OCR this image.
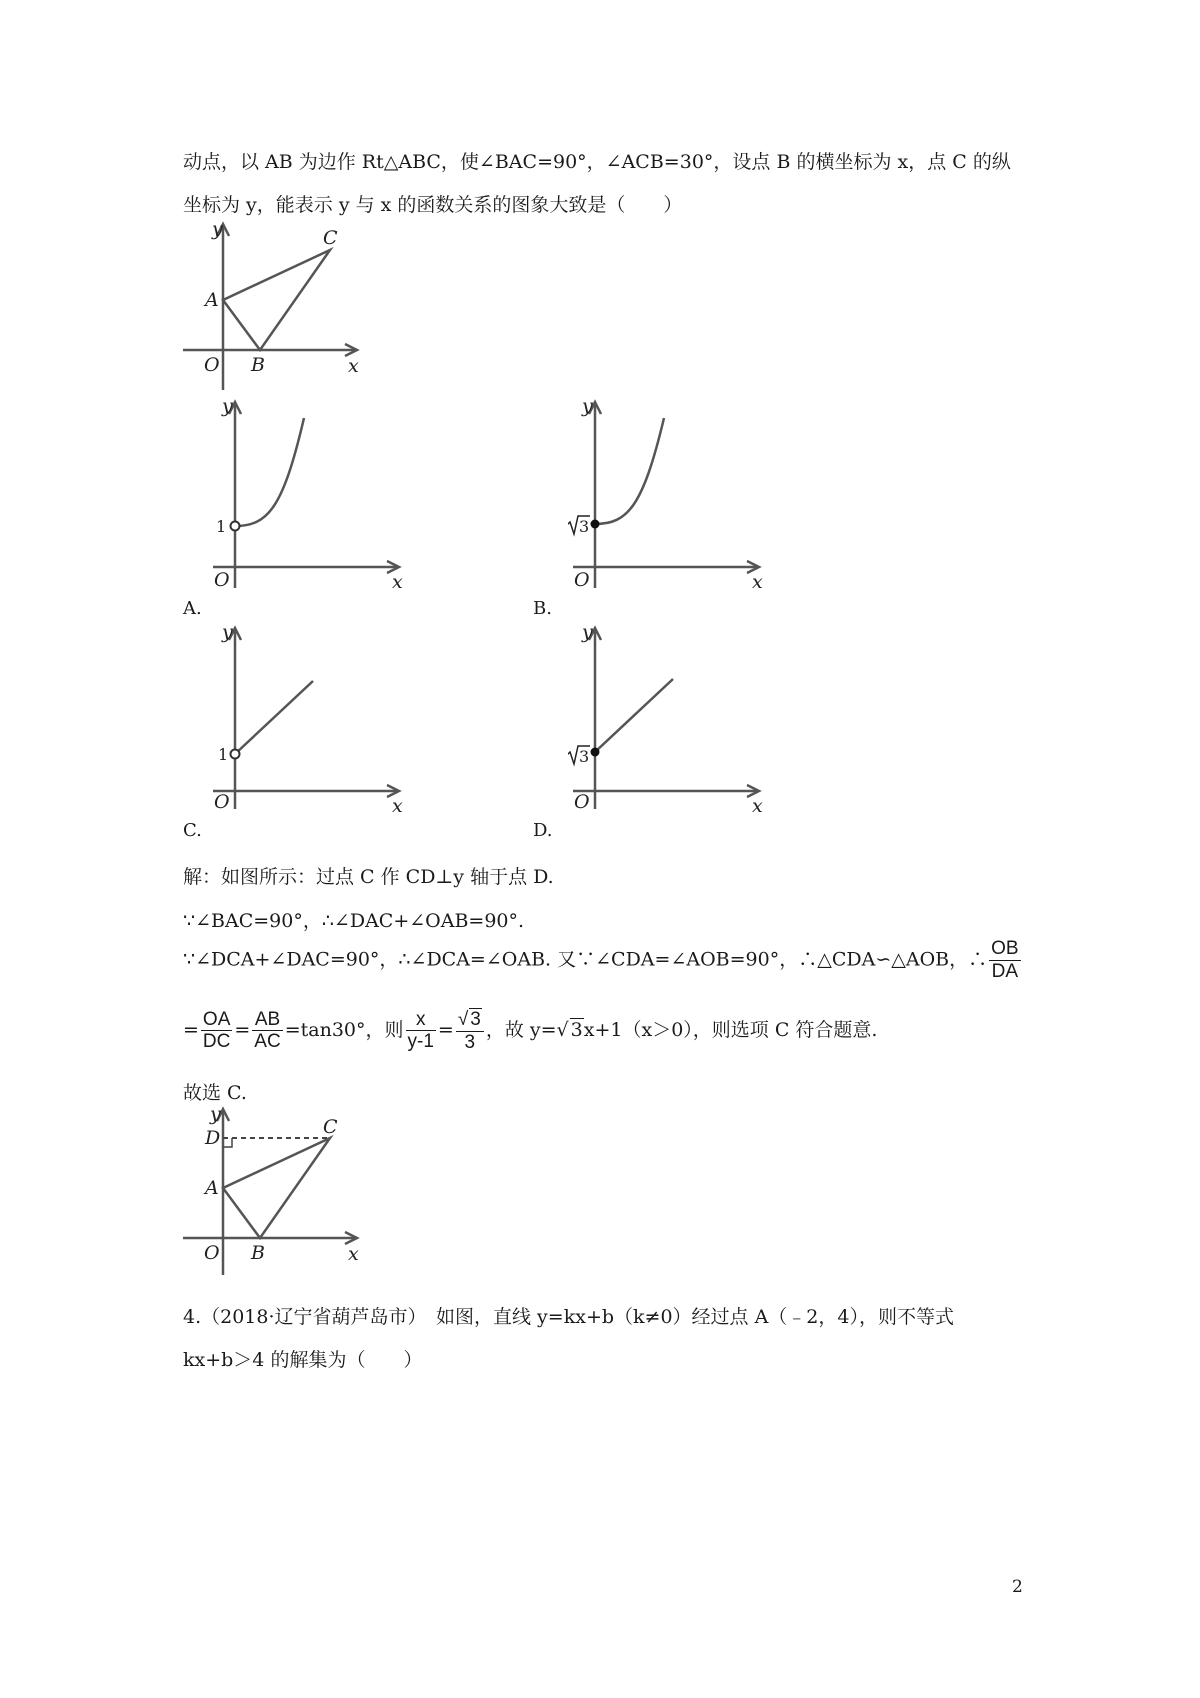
动点，以 AB 为边作 Rt△ABC，使∠BAC=90°，∠ACB=30°，设点 B 的横坐标为 x，点 C 的纵
坐标为 y，能表示 y 与 x 的函数关系的图象大致是（　　）
y
x
O
A
B
C
y
x
O
1
A.
y
x
O
3
B.
y
x
O
1
C.
y
x
O
3
D.
解：如图所示：过点 C 作 CD⊥y 轴于点 D.
∵∠BAC=90°，∴∠DAC+∠OAB=90°.
∵∠DCA+∠DAC=90°，∴∠DCA=∠OAB. 又∵∠CDA=∠AOB=90°，∴△CDA∽△AOB，∴ $\frac{OB}{DA}$
= $\frac{OA}{DC} = \frac{AB}{AC} =\tan 30^\circ$，则 $\frac{x}{y-1} = \frac{√ 3}{3}$ ，故 y=√ 3x+1（x＞0），则选项 C 符合题意.
故选 C.
y
x
O
A
B
C
D
4.（2018·辽宁省葫芦岛市）　如图，直线 y=kx+b（k≠0）经过点 A（﹣2，4），则不等式
kx+b＞4 的解集为（　　）
2
